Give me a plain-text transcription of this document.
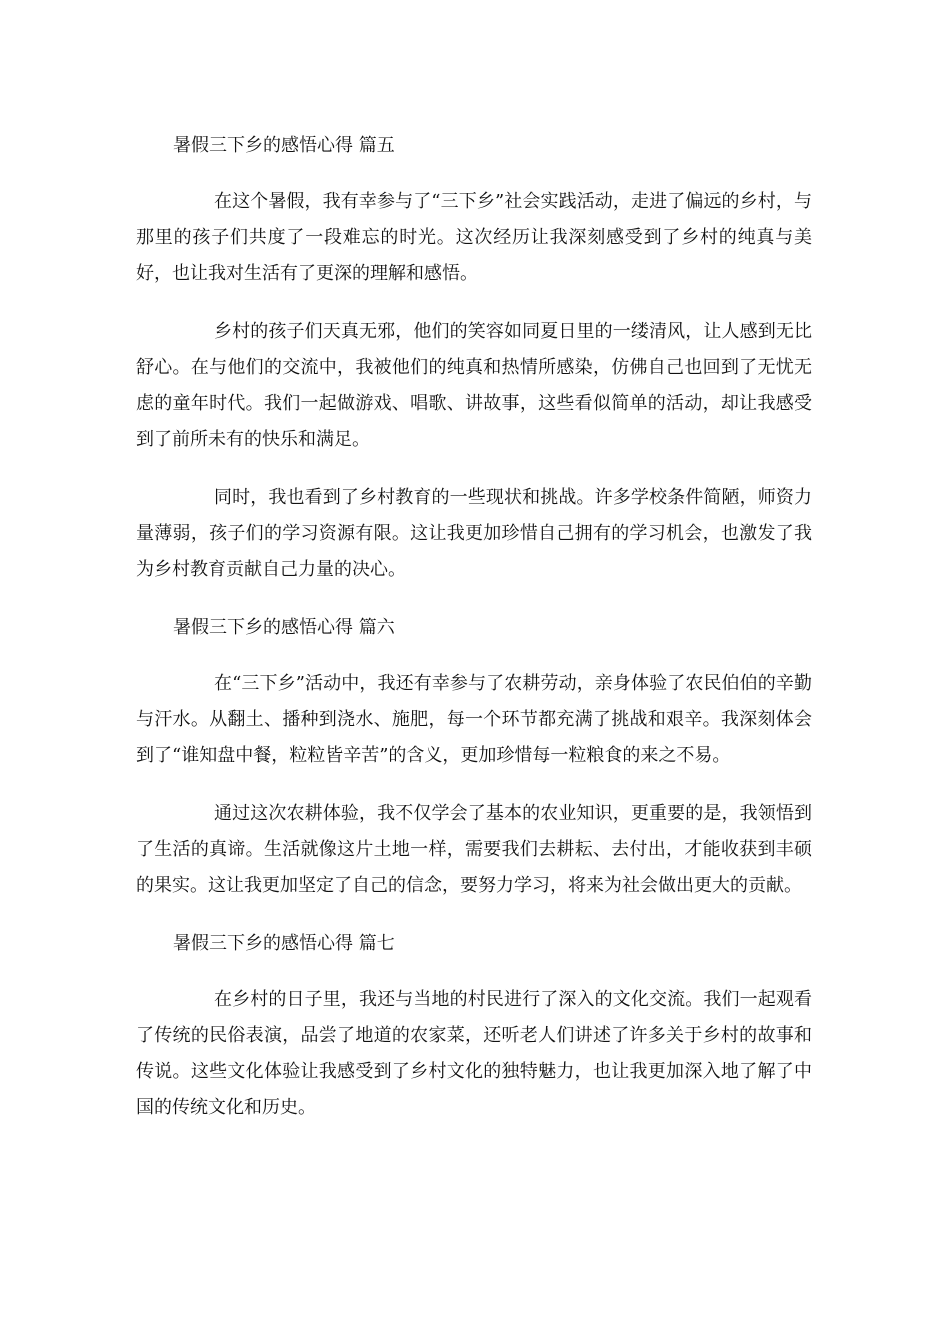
暑假三下乡的感悟心得 篇五

在这个暑假，我有幸参与了“三下乡”社会实践活动，走进了偏远的乡村，与那里的孩子们共度了一段难忘的时光。这次经历让我深刻感受到了乡村的纯真与美好，也让我对生活有了更深的理解和感悟。

乡村的孩子们天真无邪，他们的笑容如同夏日里的一缕清风，让人感到无比舒心。在与他们的交流中，我被他们的纯真和热情所感染，仿佛自己也回到了无忧无虑的童年时代。我们一起做游戏、唱歌、讲故事，这些看似简单的活动，却让我感受到了前所未有的快乐和满足。

同时，我也看到了乡村教育的一些现状和挑战。许多学校条件简陋，师资力量薄弱，孩子们的学习资源有限。这让我更加珍惜自己拥有的学习机会，也激发了我为乡村教育贡献自己力量的决心。

暑假三下乡的感悟心得 篇六

在“三下乡”活动中，我还有幸参与了农耕劳动，亲身体验了农民伯伯的辛勤与汗水。从翻土、播种到浇水、施肥，每一个环节都充满了挑战和艰辛。我深刻体会到了“谁知盘中餐，粒粒皆辛苦”的含义，更加珍惜每一粒粮食的来之不易。

通过这次农耕体验，我不仅学会了基本的农业知识，更重要的是，我领悟到了生活的真谛。生活就像这片土地一样，需要我们去耕耘、去付出，才能收获到丰硕的果实。这让我更加坚定了自己的信念，要努力学习，将来为社会做出更大的贡献。

暑假三下乡的感悟心得 篇七

在乡村的日子里，我还与当地的村民进行了深入的文化交流。我们一起观看了传统的民俗表演，品尝了地道的农家菜，还听老人们讲述了许多关于乡村的故事和传说。这些文化体验让我感受到了乡村文化的独特魅力，也让我更加深入地了解了中国的传统文化和历史。
